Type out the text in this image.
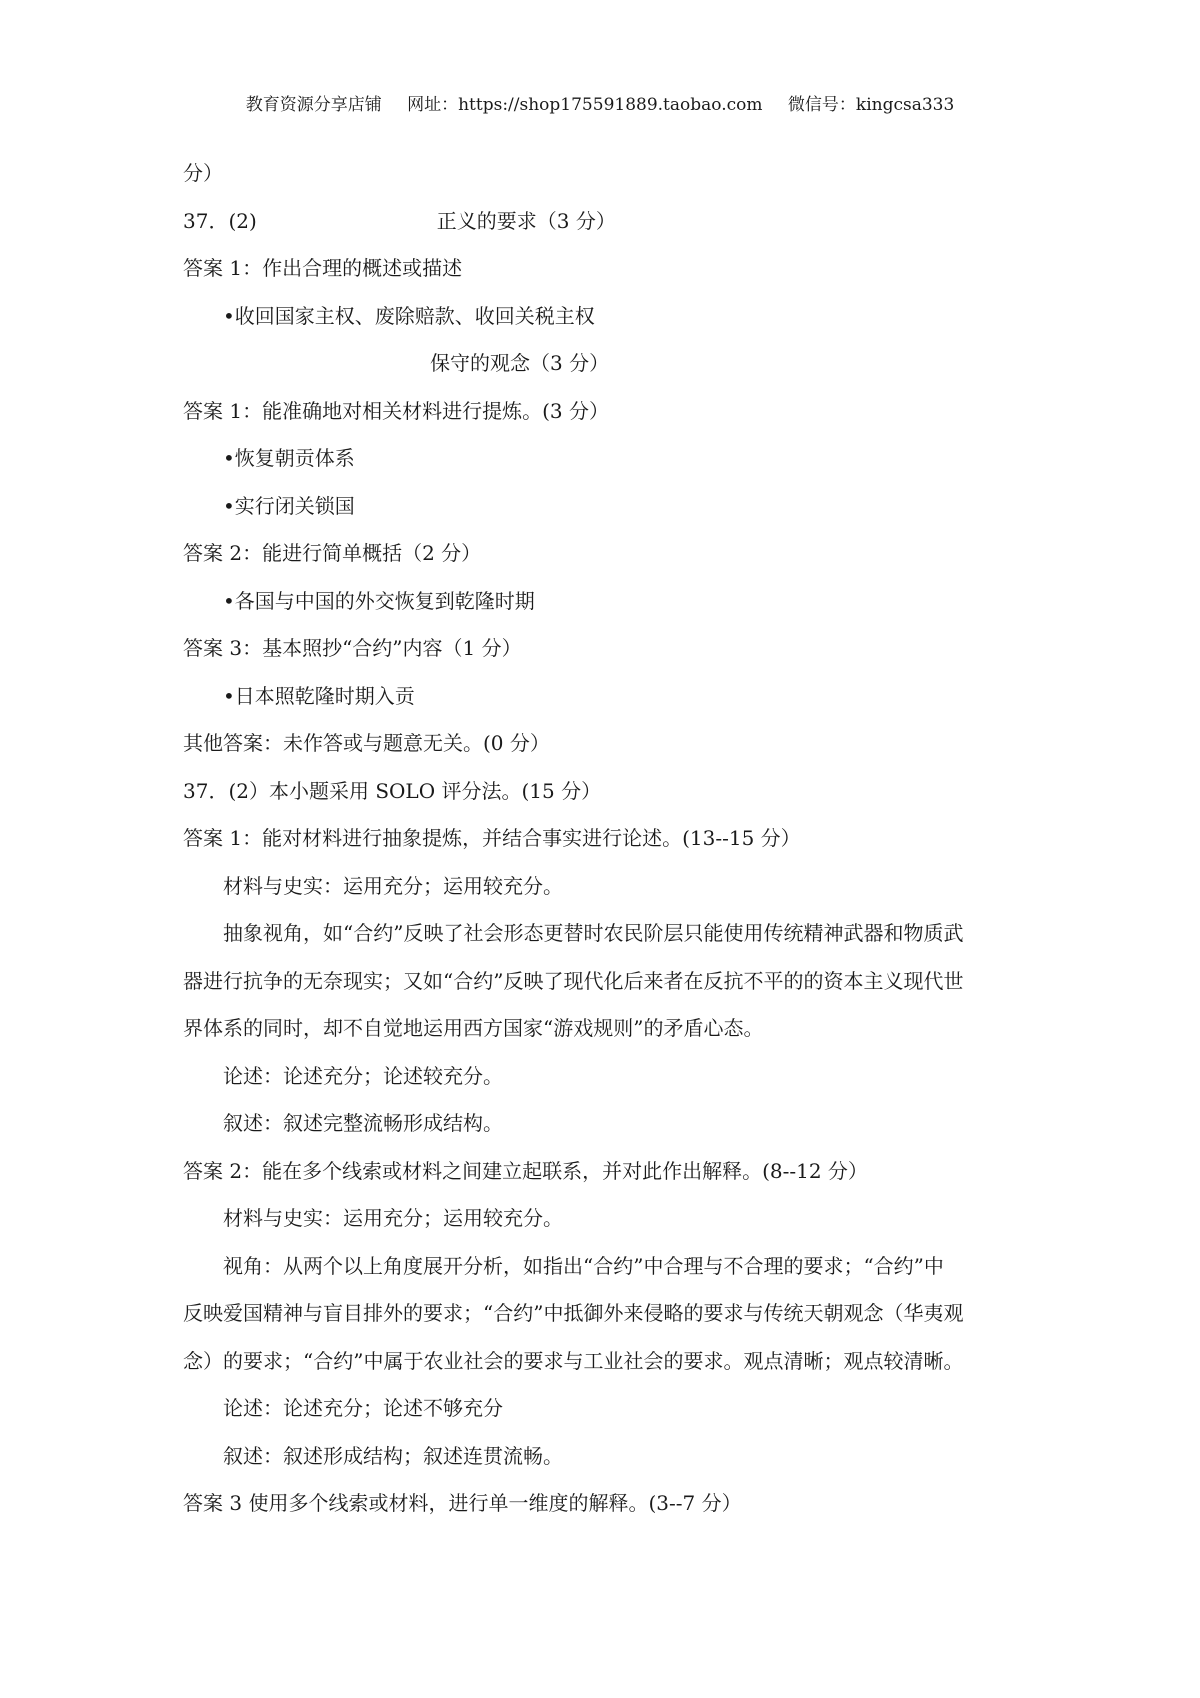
教育资源分享店铺 网址：https://shop175591889.taobao.com 微信号：kingcsa333
分）
37．(2)	正义的要求（3 分）
答案 1：作出合理的概述或描述
•收回国家主权、废除赔款、收回关税主权
保守的观念（3 分）
答案 1：能准确地对相关材料进行提炼。(3 分）
•恢复朝贡体系
•实行闭关锁国
答案 2：能进行简单概括（2 分）
•各国与中国的外交恢复到乾隆时期
答案 3：基本照抄“合约”内容（1 分）
•日本照乾隆时期入贡
其他答案：未作答或与题意无关。(0 分）
37．(2）本小题采用 SOLO 评分法。(15 分）
答案 1：能对材料进行抽象提炼，并结合事实进行论述。(13--15 分）
材料与史实：运用充分；运用较充分。
抽象视角，如“合约”反映了社会形态更替时农民阶层只能使用传统精神武器和物质武
器进行抗争的无奈现实；又如“合约”反映了现代化后来者在反抗不平的的资本主义现代世
界体系的同时，却不自觉地运用西方国家“游戏规则”的矛盾心态。
论述：论述充分；论述较充分。
叙述：叙述完整流畅形成结构。
答案 2：能在多个线索或材料之间建立起联系，并对此作出解释。(8--12 分）
材料与史实：运用充分；运用较充分。
视角：从两个以上角度展开分析，如指出“合约”中合理与不合理的要求；“合约”中
反映爱国精神与盲目排外的要求；“合约”中抵御外来侵略的要求与传统天朝观念（华夷观
念）的要求；“合约”中属于农业社会的要求与工业社会的要求。观点清晰；观点较清晰。
论述：论述充分；论述不够充分
叙述：叙述形成结构；叙述连贯流畅。
答案 3 使用多个线索或材料，进行单一维度的解释。(3--7 分）
